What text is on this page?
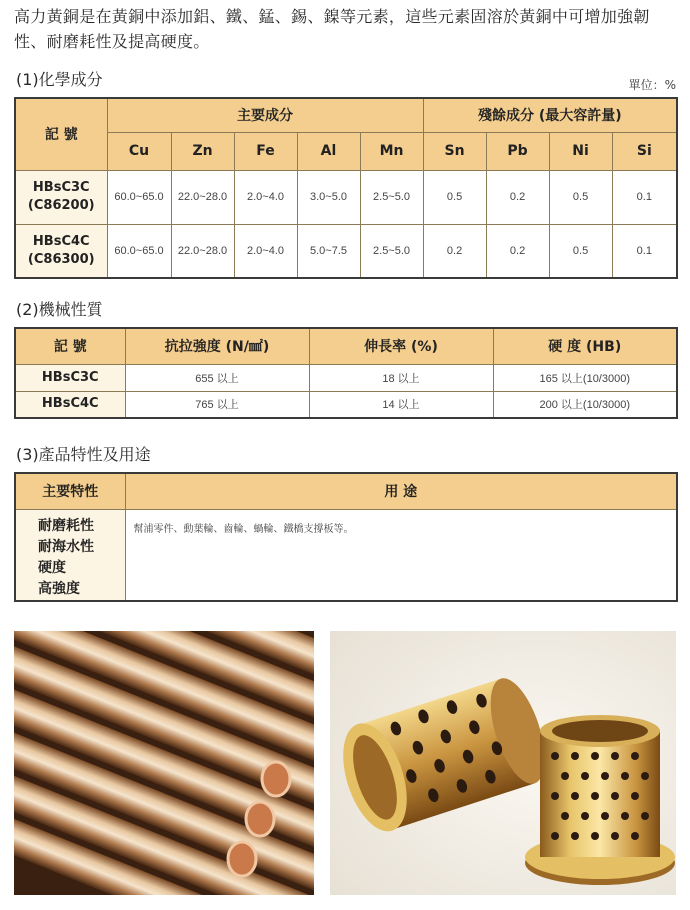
高力黃銅是在黃銅中添加鋁、鐵、錳、錫、鎳等元素，這些元素固溶於黃銅中可增加強韌性、耐磨耗性及提高硬度。
(1)化學成分	單位：%
記 號	主要成分					殘餘成分 (最大容許量)			
	Cu	Zn	Fe	Al	Mn	Sn	Pb	Ni	Si

HBsC3C
(C86200)	60.0~65.0	22.0~28.0	2.0~4.0	3.0~5.0	2.5~5.0	0.5	0.2	0.5	0.1

HBsC4C
(C86300)	60.0~65.0	22.0~28.0	2.0~4.0	5.0~7.5	2.5~5.0	0.2	0.2	0.5	0.1
(2)機械性質
記 號	抗拉強度 (N/㎟)	伸長率 (%)	硬 度 (HB)
HBsC3C	655 以上	18 以上	165 以上(10/3000)
HBsC4C	765 以上	14 以上	200 以上(10/3000)
(3)產品特性及用途
主要特性	用 途

耐磨耗性
耐海水性
硬度
高強度	幫浦零件、動葉輪、齒輪、蝸輪、鐵橋支撐板等。
